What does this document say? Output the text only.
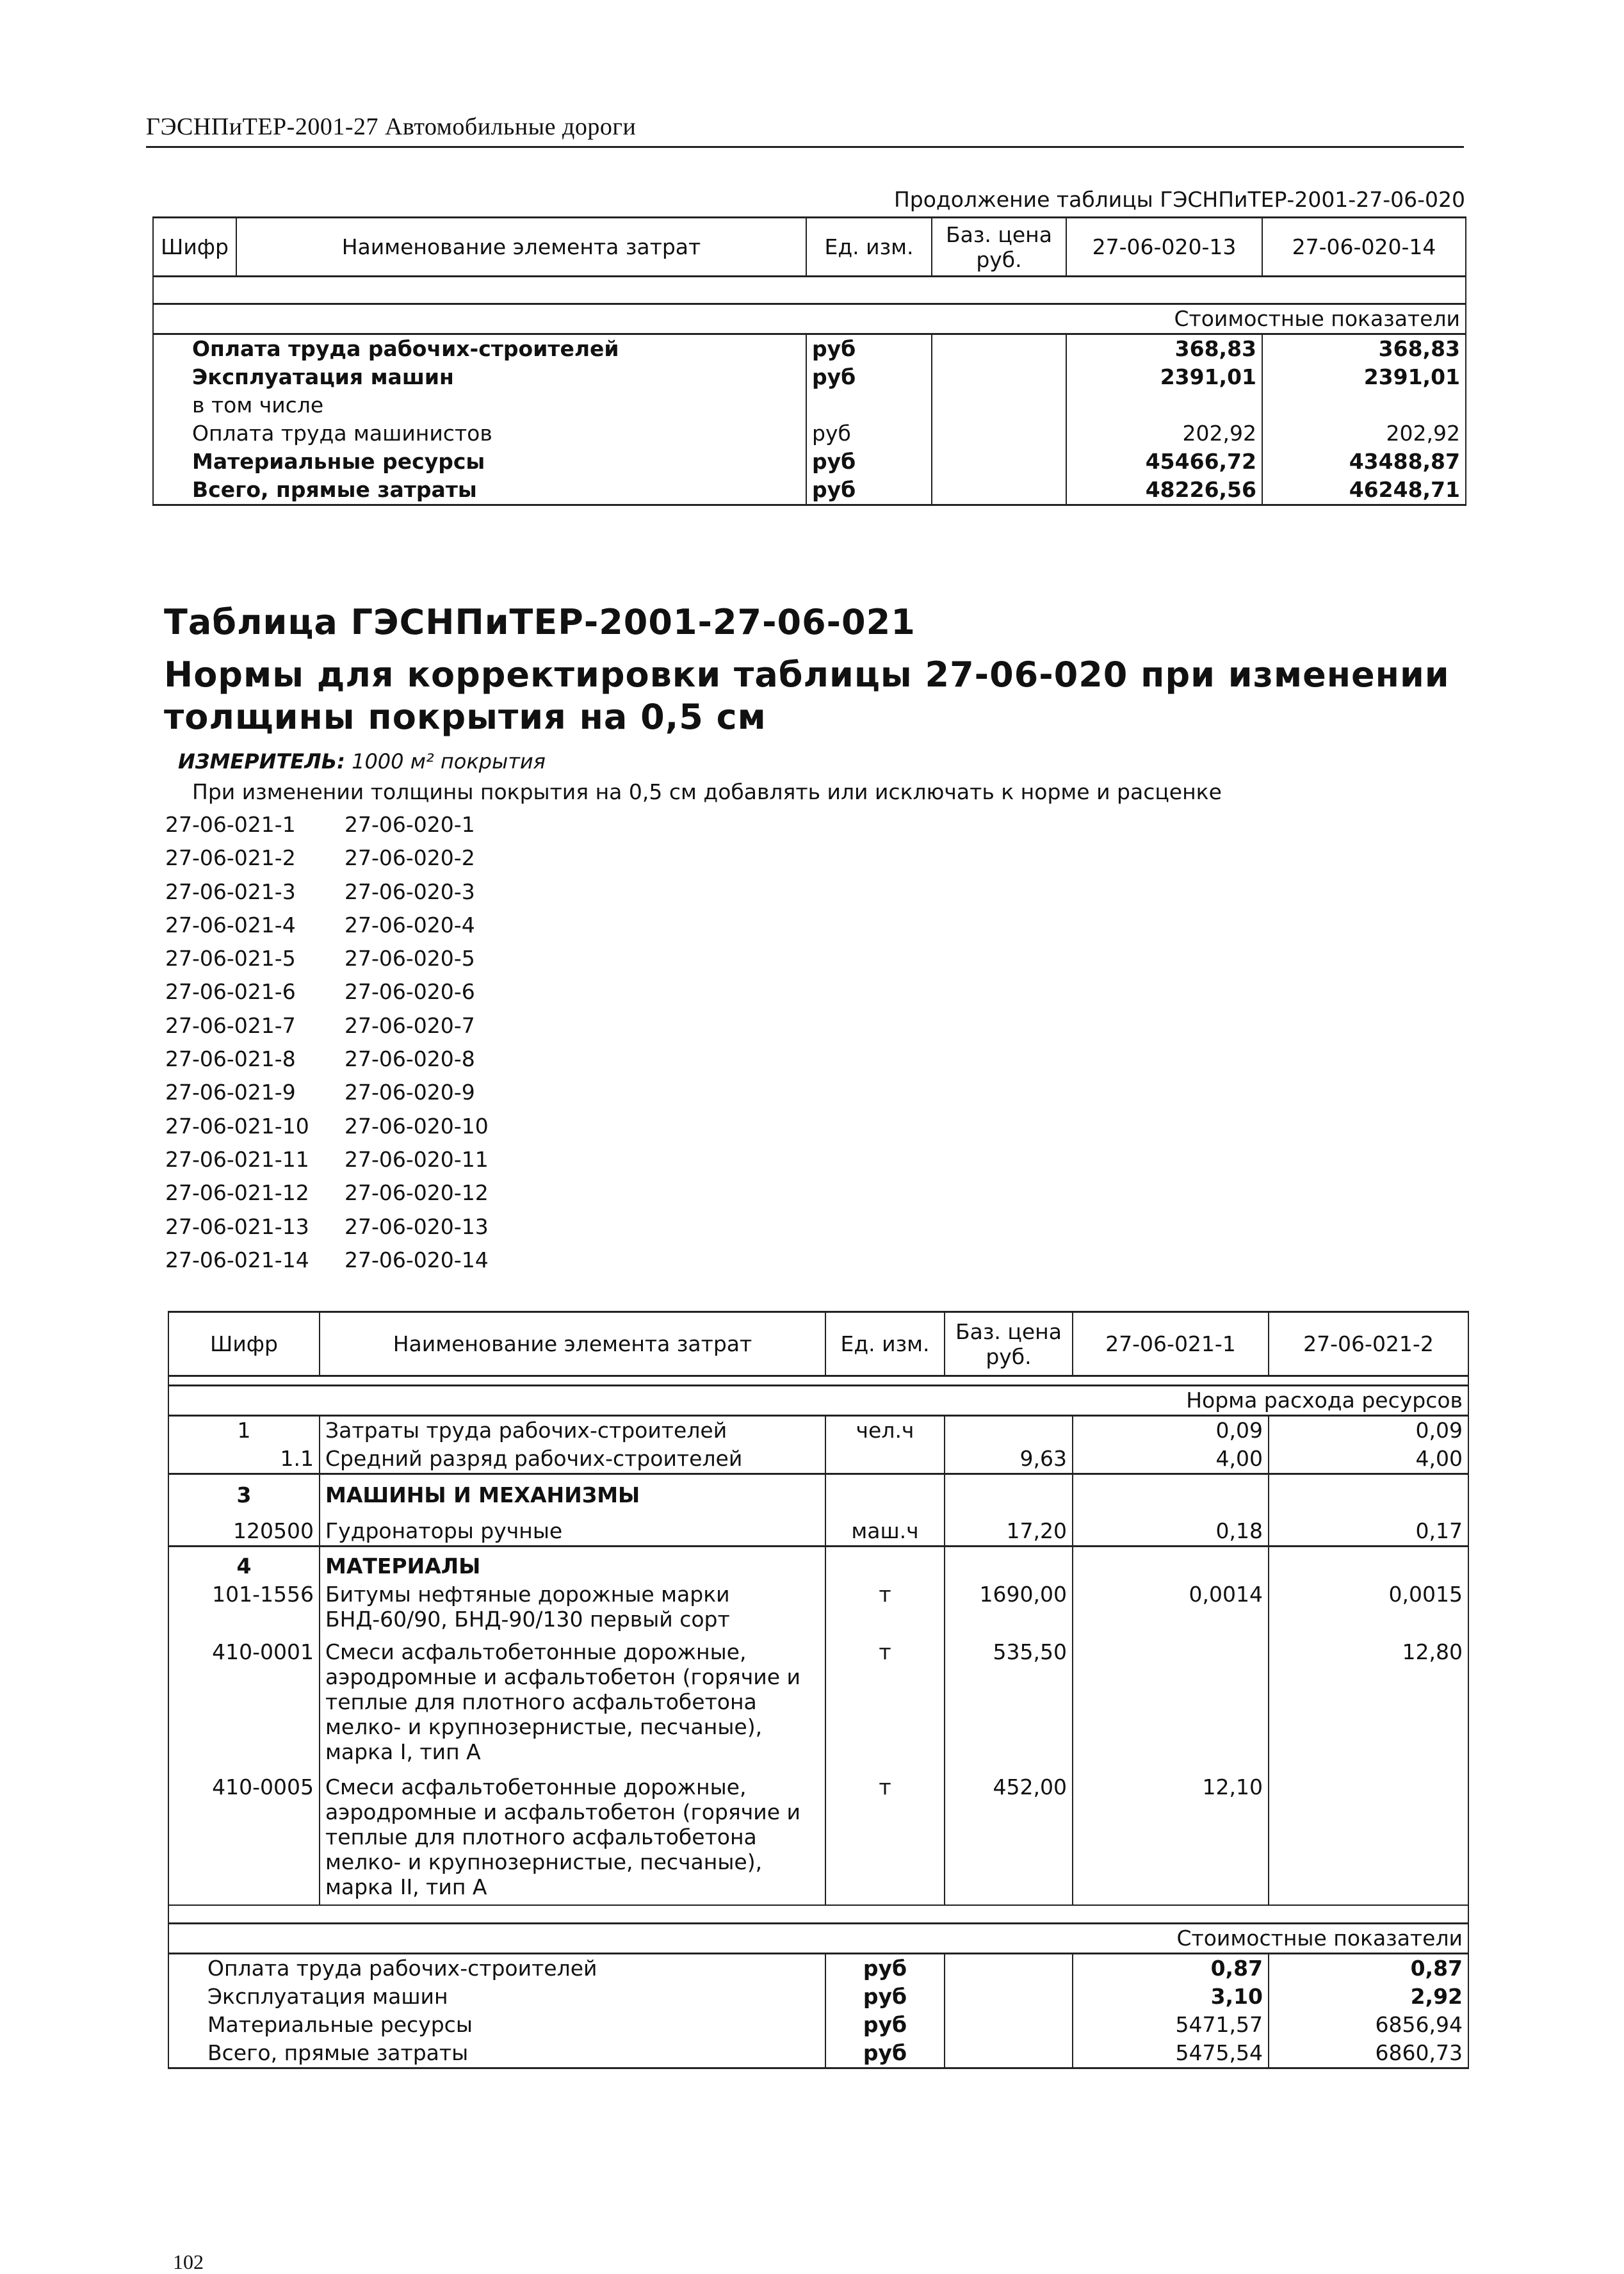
ГЭСНПиТЕР-2001-27 Автомобильные дороги
Продолжение таблицы ГЭСНПиТЕР-2001-27-06-020
Шифр	Наименование элемента затрат	Ед. изм.	Баз. цена руб.	27-06-020-13	27-06-020-14

Стоимостные показатели					
Оплата труда рабочих-строителей		руб		368,83	368,83
Эксплуатация машин		руб		2391,01	2391,01
в том числе					
Оплата труда машинистов		руб		202,92	202,92
Материальные ресурсы		руб		45466,72	43488,87
Всего, прямые затраты		руб		48226,56	46248,71
Таблица ГЭСНПиТЕР-2001-27-06-021
Нормы для корректировки таблицы 27-06-020 при изменении
толщины покрытия на 0,5 см
ИЗМЕРИТЕЛЬ: 1000 м² покрытия
При изменении толщины покрытия на 0,5 см добавлять или исключать к норме и расценке
27-06-021-1	27-06-020-1
27-06-021-2	27-06-020-2
27-06-021-3	27-06-020-3
27-06-021-4	27-06-020-4
27-06-021-5	27-06-020-5
27-06-021-6	27-06-020-6
27-06-021-7	27-06-020-7
27-06-021-8	27-06-020-8
27-06-021-9	27-06-020-9
27-06-021-10	27-06-020-10
27-06-021-11	27-06-020-11
27-06-021-12	27-06-020-12
27-06-021-13	27-06-020-13
27-06-021-14	27-06-020-14
Шифр	Наименование элемента затрат	Ед. изм.	Баз. цена руб.	27-06-021-1	27-06-021-2

Норма расхода ресурсов					
1	Затраты труда рабочих-строителей	чел.ч		0,09	0,09
1.1	Средний разряд рабочих-строителей		9,63	4,00	4,00
3	МАШИНЫ И МЕХАНИЗМЫ				
120500	Гудронаторы ручные	маш.ч	17,20	0,18	0,17
4	МАТЕРИАЛЫ				
101-1556	Битумы нефтяные дорожные марки БНД-60/90, БНД-90/130 первый сорт	т	1690,00	0,0014	0,0015
410-0001	Смеси асфальтобетонные дорожные, аэродромные и асфальтобетон (горячие и теплые для плотного асфальтобетона мелко- и крупнозернистые, песчаные), марка I, тип А	т	535,50		12,80
410-0005	Смеси асфальтобетонные дорожные, аэродромные и асфальтобетон (горячие и теплые для плотного асфальтобетона мелко- и крупнозернистые, песчаные), марка II, тип А	т	452,00	12,10	

Стоимостные показатели					
Оплата труда рабочих-строителей		руб		0,87	0,87
Эксплуатация машин		руб		3,10	2,92
Материальные ресурсы		руб		5471,57	6856,94
Всего, прямые затраты		руб		5475,54	6860,73
102
